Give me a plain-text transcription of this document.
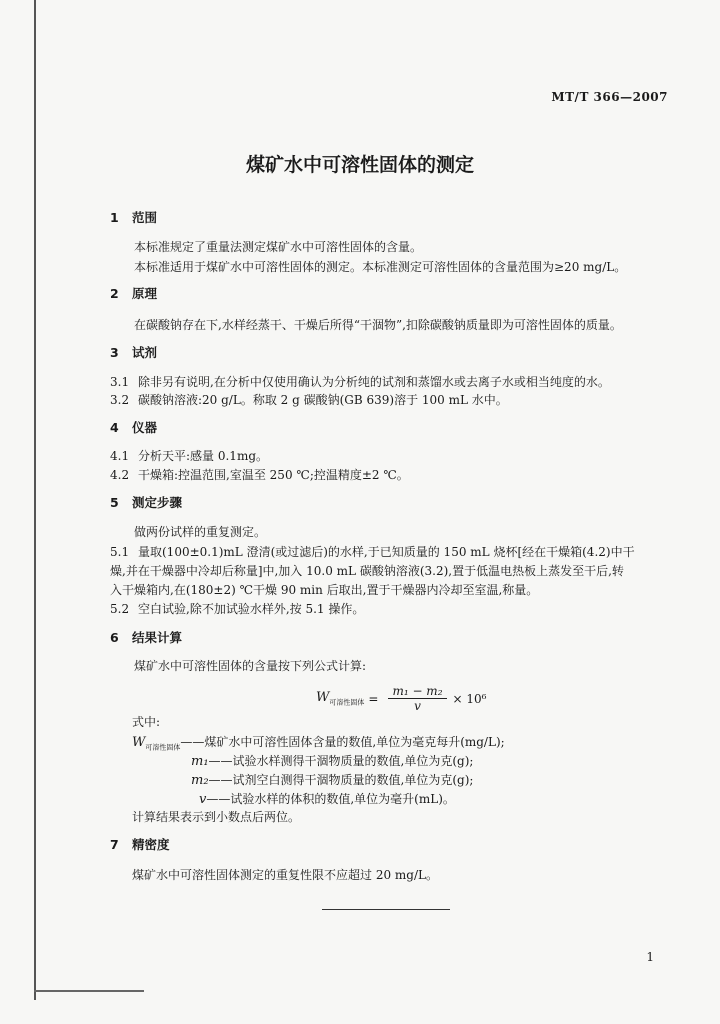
MT/T 366—2007
煤矿水中可溶性固体的测定
1 范围
本标准规定了重量法测定煤矿水中可溶性固体的含量。
本标准适用于煤矿水中可溶性固体的测定。本标准测定可溶性固体的含量范围为≥20 mg/L。
2 原理
在碳酸钠存在下,水样经蒸干、干燥后所得“干涸物”,扣除碳酸钠质量即为可溶性固体的质量。
3 试剂
3.1 除非另有说明,在分析中仅使用确认为分析纯的试剂和蒸馏水或去离子水或相当纯度的水。
3.2 碳酸钠溶液:20 g/L。称取 2 g 碳酸钠(GB 639)溶于 100 mL 水中。
4 仪器
4.1 分析天平:感量 0.1mg。
4.2 干燥箱:控温范围,室温至 250 ℃;控温精度±2 ℃。
5 测定步骤
做两份试样的重复测定。
5.1 量取(100±0.1)mL 澄清(或过滤后)的水样,于已知质量的 150 mL 烧杯[经在干燥箱(4.2)中干
燥,并在干燥器中冷却后称量]中,加入 10.0 mL 碳酸钠溶液(3.2),置于低温电热板上蒸发至干后,转
入干燥箱内,在(180±2) ℃干燥 90 min 后取出,置于干燥器内冷却至室温,称量。
5.2 空白试验,除不加试验水样外,按 5.1 操作。
6 结果计算
煤矿水中可溶性固体的含量按下列公式计算:
$W_{可溶性固体} = \frac{\text{m₁ − m₂}}{v} \times 10^6$
式中:
$W_{可溶性固体}——$煤矿水中可溶性固体含量的数值,单位为毫克每升(mg/L);
m₁——试验水样测得干涸物质量的数值,单位为克(g);
m₂——试剂空白测得干涸物质量的数值,单位为克(g);
v——试验水样的体积的数值,单位为毫升(mL)。
计算结果表示到小数点后两位。
7 精密度
煤矿水中可溶性固体测定的重复性限不应超过 20 mg/L。
1
